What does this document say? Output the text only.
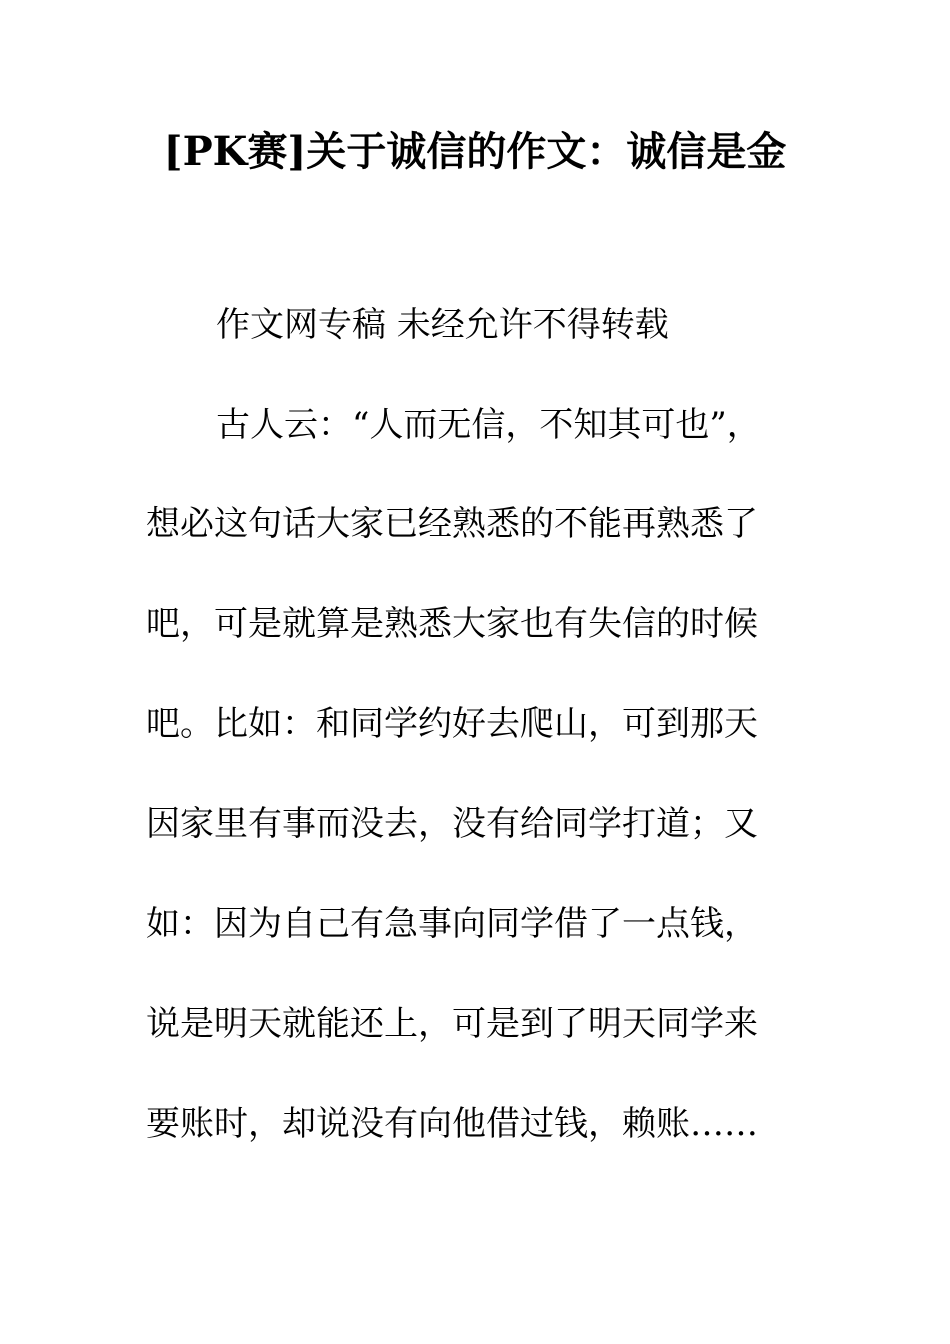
[PK赛]关于诚信的作文：诚信是金
作文网专稿 未经允许不得转载
古人云：“人而无信，不知其可也”，
想必这句话大家已经熟悉的不能再熟悉了
吧，可是就算是熟悉大家也有失信的时候
吧。比如：和同学约好去爬山，可到那天
因家里有事而没去，没有给同学打道；又
如：因为自己有急事向同学借了一点钱，
说是明天就能还上，可是到了明天同学来
要账时，却说没有向他借过钱，赖账……
